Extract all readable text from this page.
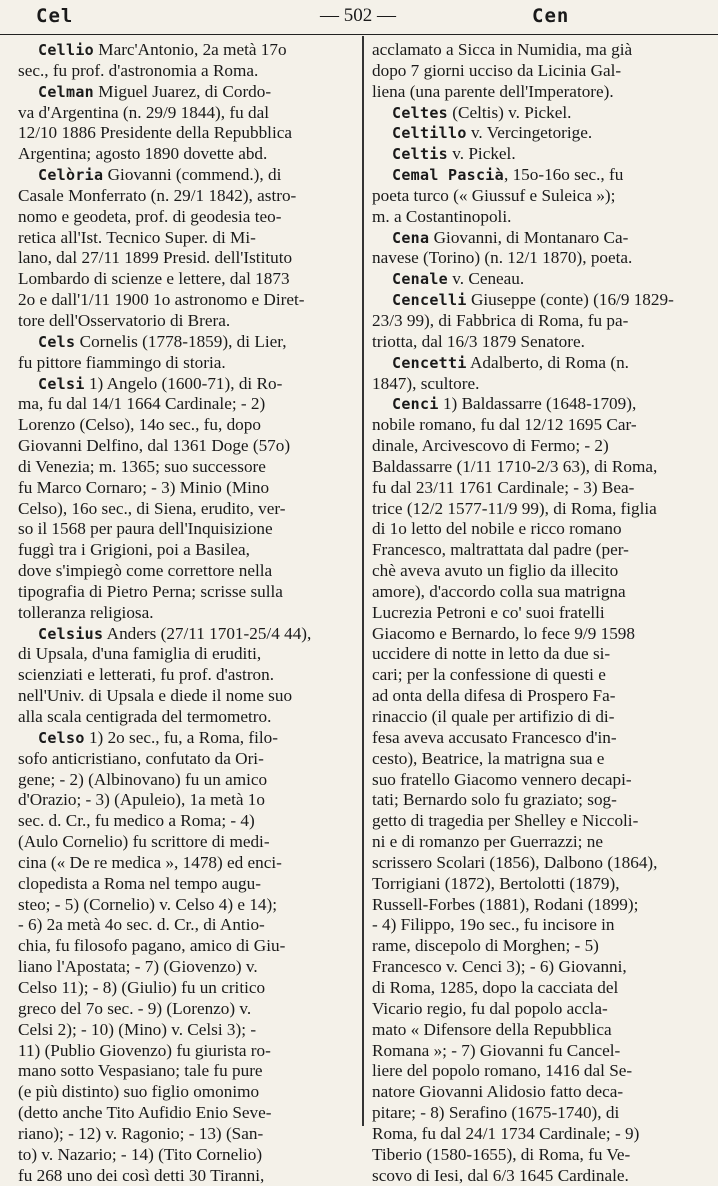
Cel	— 502 —	Cen
Cellio Marc'Antonio, 2a metà 17o
sec., fu prof. d'astronomia a Roma.
Celman Miguel Juarez, di Cordo-
va d'Argentina (n. 29/9 1844), fu dal
12/10 1886 Presidente della Repubblica
Argentina; agosto 1890 dovette abd.
Celòria Giovanni (commend.), di
Casale Monferrato (n. 29/1 1842), astro-
nomo e geodeta, prof. di geodesia teo-
retica all'Ist. Tecnico Super. di Mi-
lano, dal 27/11 1899 Presid. dell'Istituto
Lombardo di scienze e lettere, dal 1873
2o e dall'1/11 1900 1o astronomo e Diret-
tore dell'Osservatorio di Brera.
Cels Cornelis (1778-1859), di Lier,
fu pittore fiammingo di storia.
Celsi 1) Angelo (1600-71), di Ro-
ma, fu dal 14/1 1664 Cardinale; - 2)
Lorenzo (Celso), 14o sec., fu, dopo
Giovanni Delfino, dal 1361 Doge (57o)
di Venezia; m. 1365; suo successore
fu Marco Cornaro; - 3) Minio (Mino
Celso), 16o sec., di Siena, erudito, ver-
so il 1568 per paura dell'Inquisizione
fuggì tra i Grigioni, poi a Basilea,
dove s'impiegò come correttore nella
tipografia di Pietro Perna; scrisse sulla
tolleranza religiosa.
Celsius Anders (27/11 1701-25/4 44),
di Upsala, d'una famiglia di eruditi,
scienziati e letterati, fu prof. d'astron.
nell'Univ. di Upsala e diede il nome suo
alla scala centigrada del termometro.
Celso 1) 2o sec., fu, a Roma, filo-
sofo anticristiano, confutato da Ori-
gene; - 2) (Albinovano) fu un amico
d'Orazio; - 3) (Apuleio), 1a metà 1o
sec. d. Cr., fu medico a Roma; - 4)
(Aulo Cornelio) fu scrittore di medi-
cina (« De re medica », 1478) ed enci-
clopedista a Roma nel tempo augu-
steo; - 5) (Cornelio) v. Celso 4) e 14);
- 6) 2a metà 4o sec. d. Cr., di Antio-
chia, fu filosofo pagano, amico di Giu-
liano l'Apostata; - 7) (Giovenzo) v.
Celso 11); - 8) (Giulio) fu un critico
greco del 7o sec. - 9) (Lorenzo) v.
Celsi 2); - 10) (Mino) v. Celsi 3); -
11) (Publio Giovenzo) fu giurista ro-
mano sotto Vespasiano; tale fu pure
(e più distinto) suo figlio omonimo
(detto anche Tito Aufidio Enio Seve-
riano); - 12) v. Ragonio; - 13) (San-
to) v. Nazario; - 14) (Tito Cornelio)
fu 268 uno dei così detti 30 Tiranni,
acclamato a Sicca in Numidia, ma già
dopo 7 giorni ucciso da Licinia Gal-
liena (una parente dell'Imperatore).
Celtes (Celtis) v. Pickel.
Celtillo v. Vercingetorige.
Celtis v. Pickel.
Cemal Pascià, 15o-16o sec., fu
poeta turco (« Giussuf e Suleica »);
m. a Costantinopoli.
Cena Giovanni, di Montanaro Ca-
navese (Torino) (n. 12/1 1870), poeta.
Cenale v. Ceneau.
Cencelli Giuseppe (conte) (16/9 1829-
23/3 99), di Fabbrica di Roma, fu pa-
triotta, dal 16/3 1879 Senatore.
Cencetti Adalberto, di Roma (n.
1847), scultore.
Cenci 1) Baldassarre (1648-1709),
nobile romano, fu dal 12/12 1695 Car-
dinale, Arcivescovo di Fermo; - 2)
Baldassarre (1/11 1710-2/3 63), di Roma,
fu dal 23/11 1761 Cardinale; - 3) Bea-
trice (12/2 1577-11/9 99), di Roma, figlia
di 1o letto del nobile e ricco romano
Francesco, maltrattata dal padre (per-
chè aveva avuto un figlio da illecito
amore), d'accordo colla sua matrigna
Lucrezia Petroni e co' suoi fratelli
Giacomo e Bernardo, lo fece 9/9 1598
uccidere di notte in letto da due si-
cari; per la confessione di questi e
ad onta della difesa di Prospero Fa-
rinaccio (il quale per artifizio di di-
fesa aveva accusato Francesco d'in-
cesto), Beatrice, la matrigna sua e
suo fratello Giacomo vennero decapi-
tati; Bernardo solo fu graziato; sog-
getto di tragedia per Shelley e Niccoli-
ni e di romanzo per Guerrazzi; ne
scrissero Scolari (1856), Dalbono (1864),
Torrigiani (1872), Bertolotti (1879),
Russell-Forbes (1881), Rodani (1899);
- 4) Filippo, 19o sec., fu incisore in
rame, discepolo di Morghen; - 5)
Francesco v. Cenci 3); - 6) Giovanni,
di Roma, 1285, dopo la cacciata del
Vicario regio, fu dal popolo accla-
mato « Difensore della Repubblica
Romana »; - 7) Giovanni fu Cancel-
liere del popolo romano, 1416 dal Se-
natore Giovanni Alidosio fatto deca-
pitare; - 8) Serafino (1675-1740), di
Roma, fu dal 24/1 1734 Cardinale; - 9)
Tiberio (1580-1655), di Roma, fu Ve-
scovo di Iesi, dal 6/3 1645 Cardinale.
